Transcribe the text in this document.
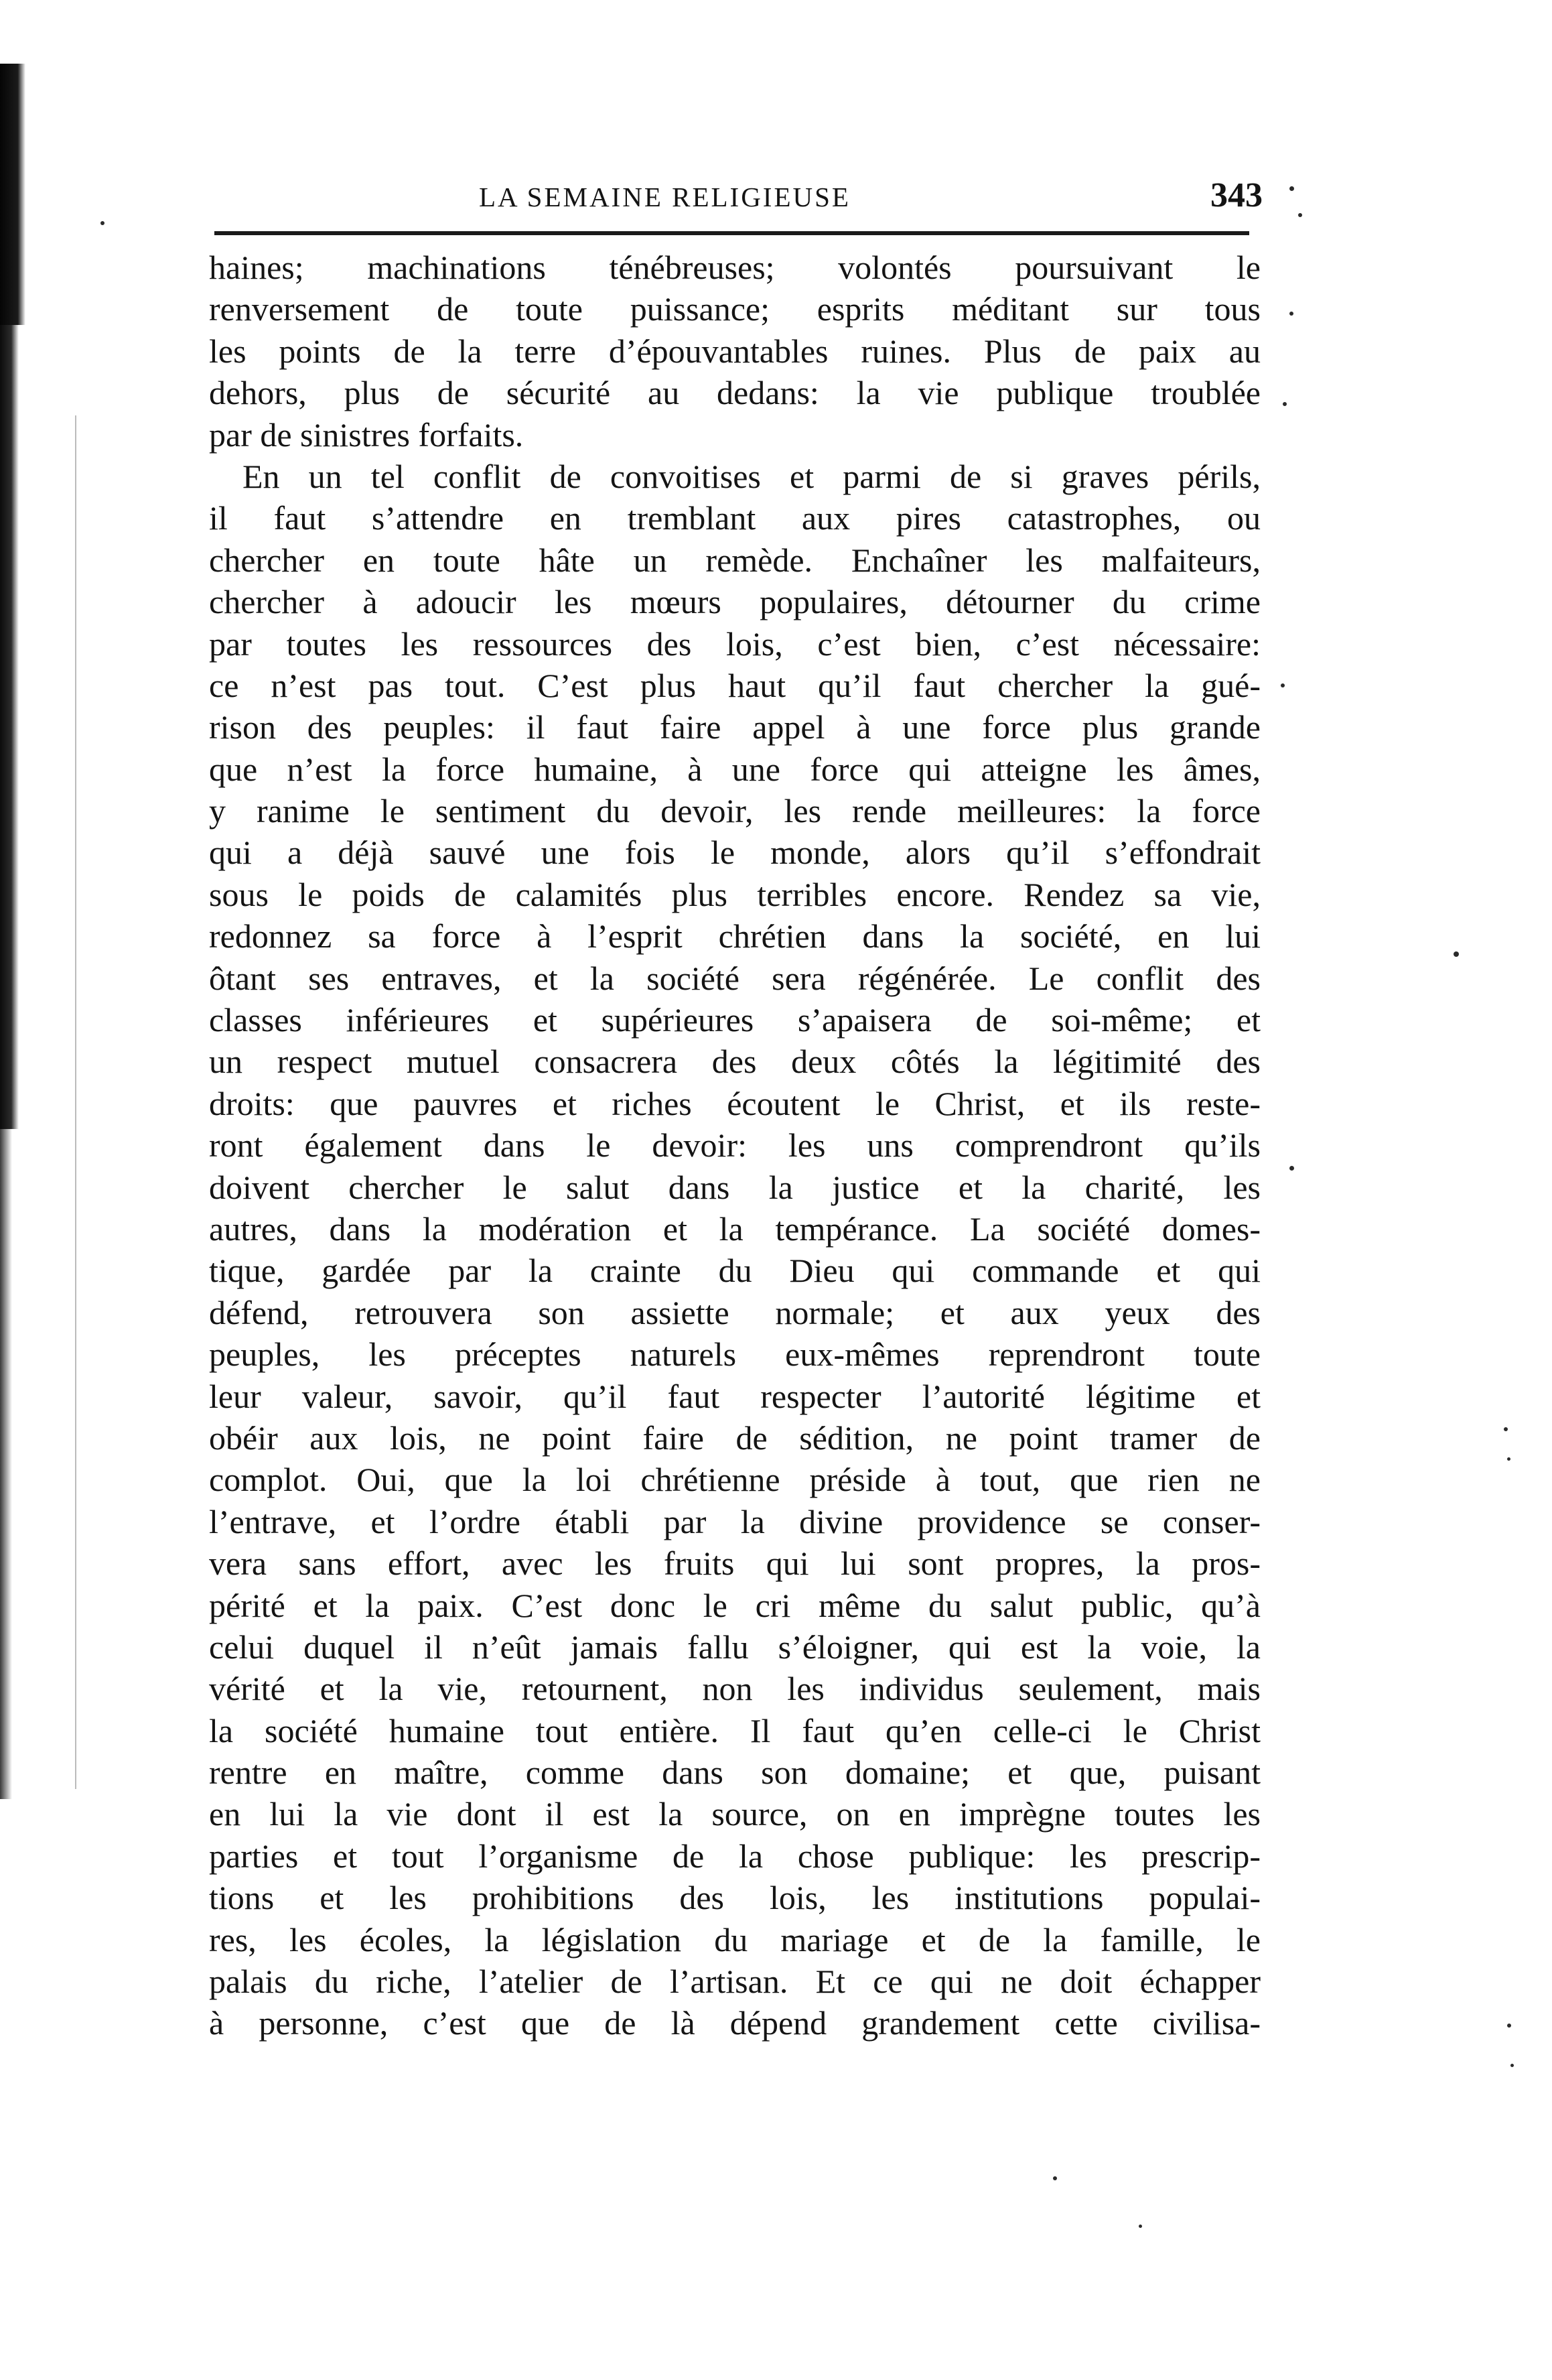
LA SEMAINE RELIGIEUSE	343
haines; machinations ténébreuses; volontés poursuivant le
renversement de toute puissance; esprits méditant sur tous
les points de la terre d’épouvantables ruines. Plus de paix au
dehors, plus de sécurité au dedans: la vie publique troublée
par de sinistres forfaits.
En un tel conflit de convoitises et parmi de si graves périls,
il faut s’attendre en tremblant aux pires catastrophes, ou
chercher en toute hâte un remède. Enchaîner les malfaiteurs,
chercher à adoucir les mœurs populaires, détourner du crime
par toutes les ressources des lois, c’est bien, c’est nécessaire:
ce n’est pas tout. C’est plus haut qu’il faut chercher la gué-
rison des peuples: il faut faire appel à une force plus grande
que n’est la force humaine, à une force qui atteigne les âmes,
y ranime le sentiment du devoir, les rende meilleures: la force
qui a déjà sauvé une fois le monde, alors qu’il s’effondrait
sous le poids de calamités plus terribles encore. Rendez sa vie,
redonnez sa force à l’esprit chrétien dans la société, en lui
ôtant ses entraves, et la société sera régénérée. Le conflit des
classes inférieures et supérieures s’apaisera de soi-même; et
un respect mutuel consacrera des deux côtés la légitimité des
droits: que pauvres et riches écoutent le Christ, et ils reste-
ront également dans le devoir: les uns comprendront qu’ils
doivent chercher le salut dans la justice et la charité, les
autres, dans la modération et la tempérance. La société domes-
tique, gardée par la crainte du Dieu qui commande et qui
défend, retrouvera son assiette normale; et aux yeux des
peuples, les préceptes naturels eux-mêmes reprendront toute
leur valeur, savoir, qu’il faut respecter l’autorité légitime et
obéir aux lois, ne point faire de sédition, ne point tramer de
complot. Oui, que la loi chrétienne préside à tout, que rien ne
l’entrave, et l’ordre établi par la divine providence se conser-
vera sans effort, avec les fruits qui lui sont propres, la pros-
périté et la paix. C’est donc le cri même du salut public, qu’à
celui duquel il n’eût jamais fallu s’éloigner, qui est la voie, la
vérité et la vie, retournent, non les individus seulement, mais
la société humaine tout entière. Il faut qu’en celle-ci le Christ
rentre en maître, comme dans son domaine; et que, puisant
en lui la vie dont il est la source, on en imprègne toutes les
parties et tout l’organisme de la chose publique: les prescrip-
tions et les prohibitions des lois, les institutions populai-
res, les écoles, la législation du mariage et de la famille, le
palais du riche, l’atelier de l’artisan. Et ce qui ne doit échapper
à personne, c’est que de là dépend grandement cette civilisa-
